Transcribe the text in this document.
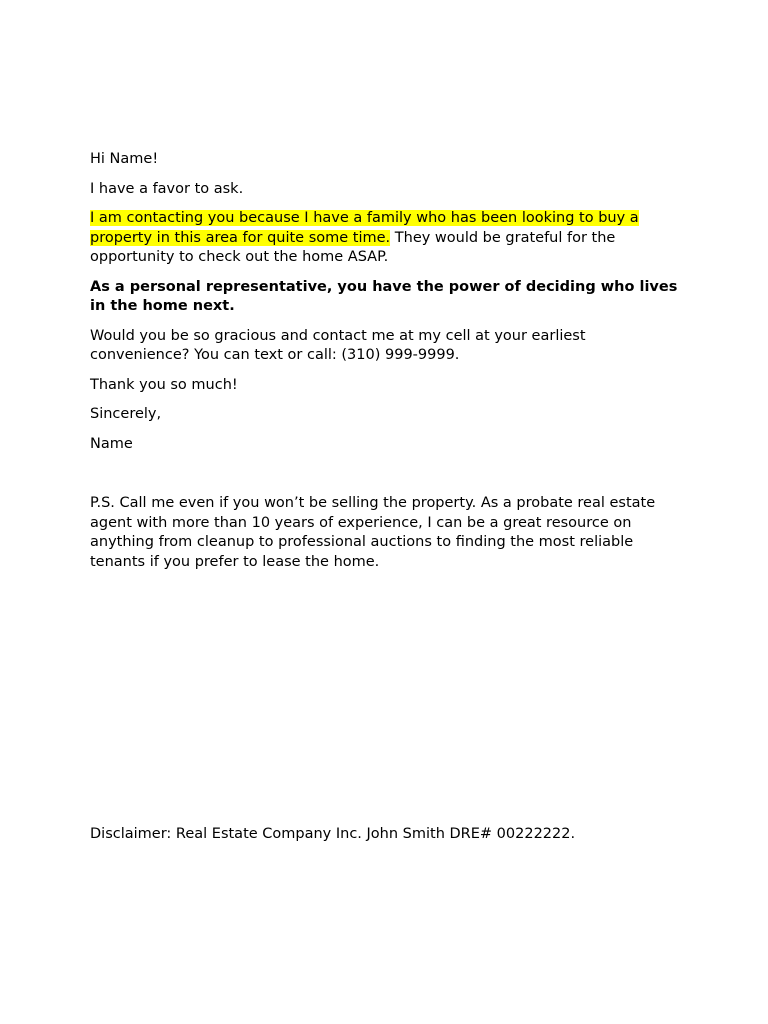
Hi Name!

I have a favor to ask.

I am contacting you because I have a family who has been looking to buy a property in this area for quite some time. They would be grateful for the opportunity to check out the home ASAP.

As a personal representative, you have the power of deciding who lives in the home next.

Would you be so gracious and contact me at my cell at your earliest convenience? You can text or call: (310) 999-9999.

Thank you so much!

Sincerely,

Name

P.S. Call me even if you won’t be selling the property. As a probate real estate agent with more than 10 years of experience, I can be a great resource on anything from cleanup to professional auctions to finding the most reliable tenants if you prefer to lease the home.

Disclaimer: Real Estate Company Inc. John Smith DRE# 00222222.
